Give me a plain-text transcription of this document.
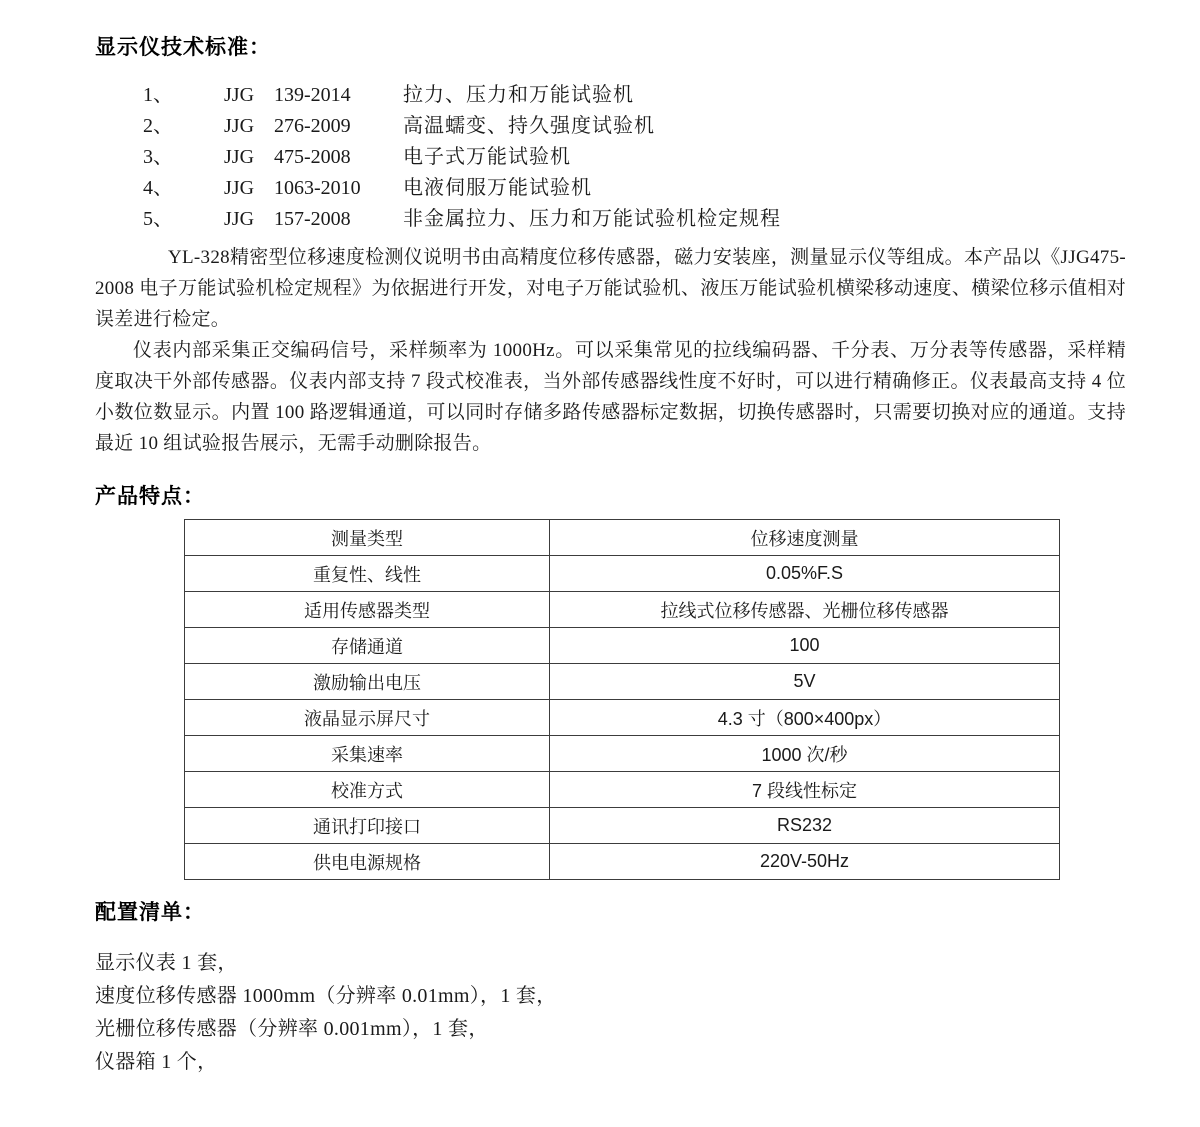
显示仪技术标准：
1、	JJG 139-2014	拉力、压力和万能试验机
2、	JJG 276-2009	高温蠕变、持久强度试验机
3、	JJG 475-2008	电子式万能试验机
4、	JJG 1063-2010	电液伺服万能试验机
5、	JJG 157-2008	非金属拉力、压力和万能试验机检定规程

YL-328精密型位移速度检测仪说明书由高精度位移传感器，磁力安装座，测量显示仪等组成。本产品以《JJG475-2008 电子万能试验机检定规程》为依据进行开发，对电子万能试验机、液压万能试验机横梁移动速度、横梁位移示值相对误差进行检定。

仪表内部采集正交编码信号，采样频率为 1000Hz。可以采集常见的拉线编码器、千分表、万分表等传感器，采样精度取决干外部传感器。仪表内部支持 7 段式校准表，当外部传感器线性度不好时，可以进行精确修正。仪表最高支持 4 位小数位数显示。内置 100 路逻辑通道，可以同时存储多路传感器标定数据，切换传感器时，只需要切换对应的通道。支持最近 10 组试验报告展示，无需手动删除报告。

产品特点：
测量类型	位移速度测量
重复性、线性	0.05%F.S
适用传感器类型	拉线式位移传感器、光栅位移传感器
存储通道	100
激励输出电压	5V
液晶显示屏尺寸	4.3 寸（800×400px）
采集速率	1000 次/秒
校准方式	7 段线性标定
通讯打印接口	RS232
供电电源规格	220V-50Hz
配置清单：
显示仪表 1 套，
速度位移传感器 1000mm（分辨率 0.01mm），1 套，
光栅位移传感器（分辨率 0.001mm），1 套，
仪器箱 1 个，
